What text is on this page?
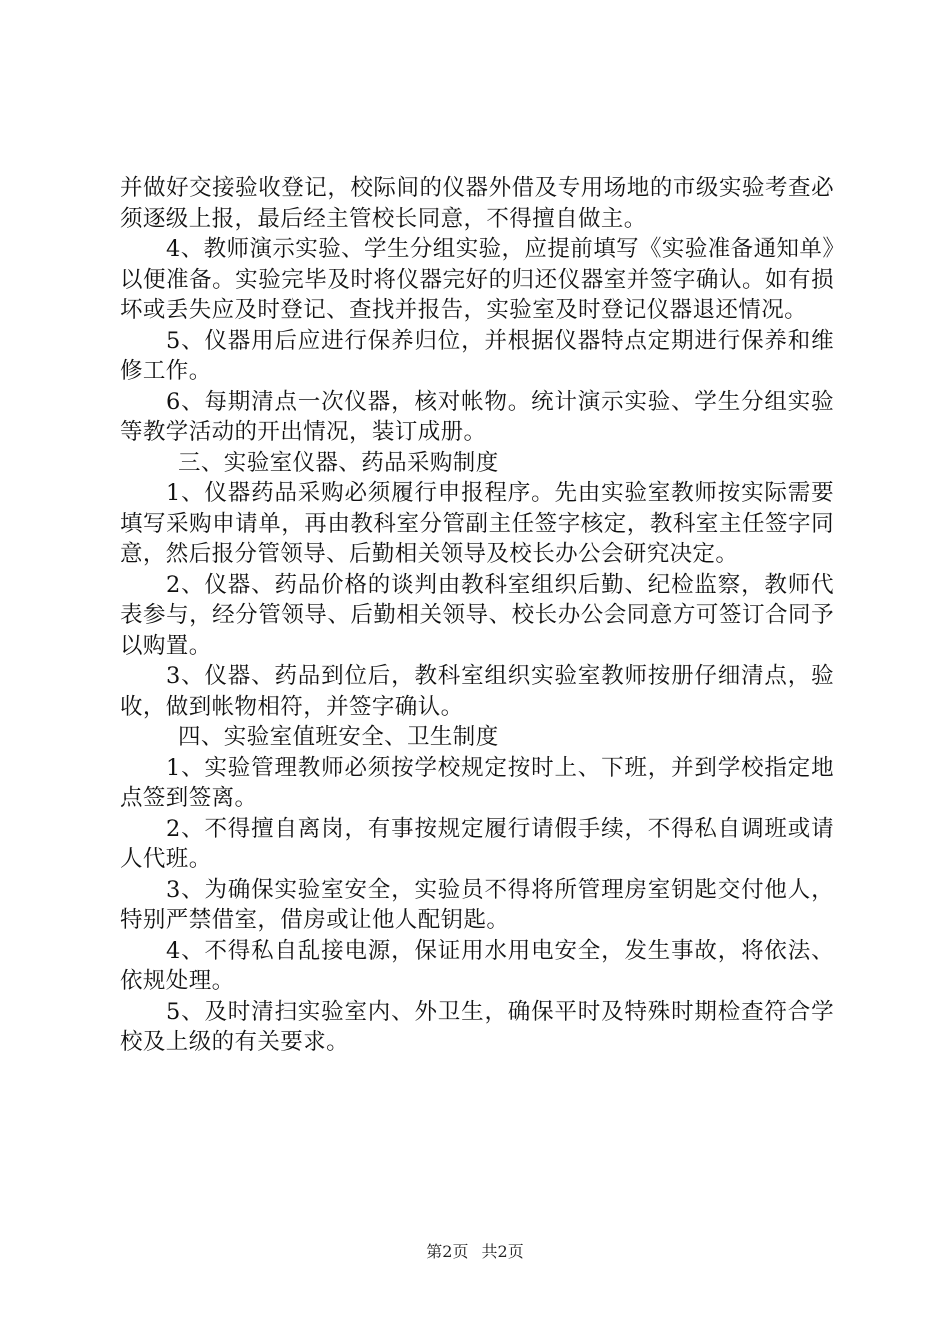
并做好交接验收登记，校际间的仪器外借及专用场地的市级实验考查必须逐级上报，最后经主管校长同意，不得擅自做主。

4、教师演示实验、学生分组实验，应提前填写《实验准备通知单》以便准备。实验完毕及时将仪器完好的归还仪器室并签字确认。如有损坏或丢失应及时登记、查找并报告，实验室及时登记仪器退还情况。

5、仪器用后应进行保养归位，并根据仪器特点定期进行保养和维修工作。

6、每期清点一次仪器，核对帐物。统计演示实验、学生分组实验等教学活动的开出情况，装订成册。

三、实验室仪器、药品采购制度

1、仪器药品采购必须履行申报程序。先由实验室教师按实际需要填写采购申请单，再由教科室分管副主任签字核定，教科室主任签字同意，然后报分管领导、后勤相关领导及校长办公会研究决定。

2、仪器、药品价格的谈判由教科室组织后勤、纪检监察，教师代表参与，经分管领导、后勤相关领导、校长办公会同意方可签订合同予以购置。

3、仪器、药品到位后，教科室组织实验室教师按册仔细清点，验收，做到帐物相符，并签字确认。

四、实验室值班安全、卫生制度

1、实验管理教师必须按学校规定按时上、下班，并到学校指定地点签到签离。

2、不得擅自离岗，有事按规定履行请假手续，不得私自调班或请人代班。

3、为确保实验室安全，实验员不得将所管理房室钥匙交付他人，特别严禁借室，借房或让他人配钥匙。

4、不得私自乱接电源，保证用水用电安全，发生事故，将依法、依规处理。

5、及时清扫实验室内、外卫生，确保平时及特殊时期检查符合学校及上级的有关要求。

第2页 共2页
